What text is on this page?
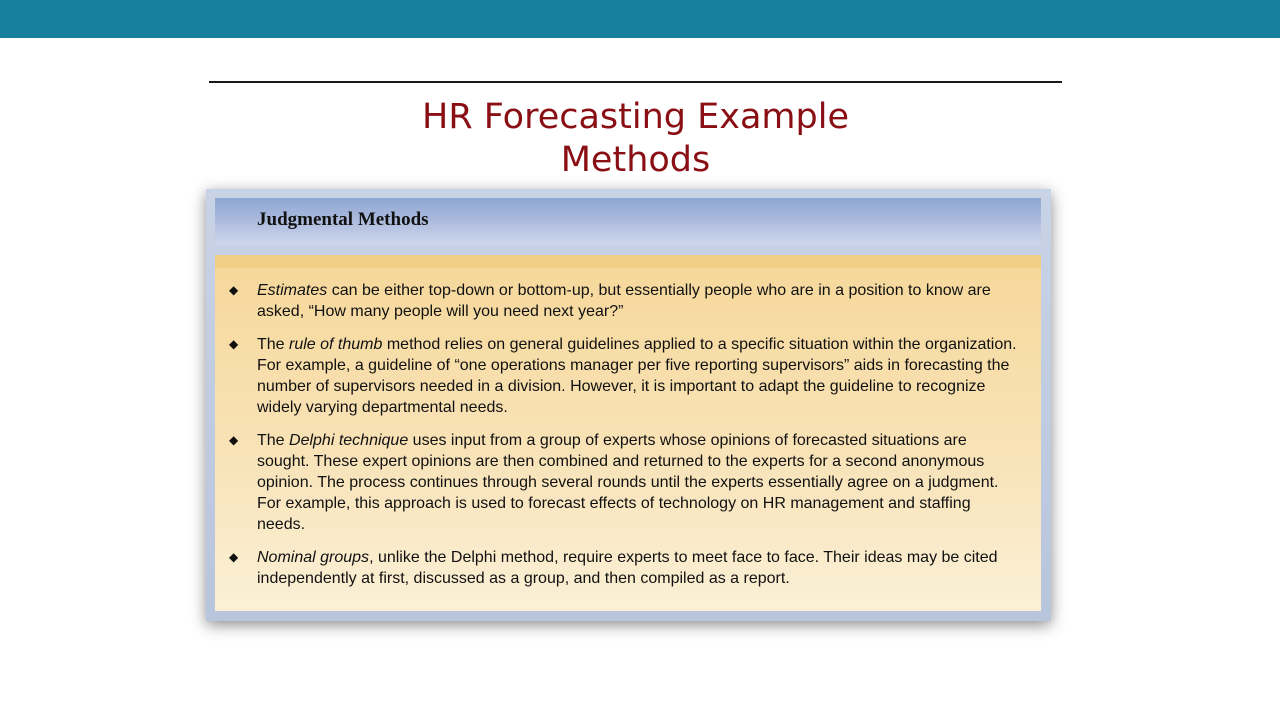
HR Forecasting Example
Methods
Judgmental Methods
◆ Estimates can be either top-down or bottom-up, but essentially people who are in a position to know are asked, “How many people will you need next year?”
◆ The rule of thumb method relies on general guidelines applied to a specific situation within the organization. For example, a guideline of “one operations manager per five reporting supervisors” aids in forecasting the number of supervisors needed in a division. However, it is important to adapt the guideline to recognize widely varying departmental needs.
◆ The Delphi technique uses input from a group of experts whose opinions of forecasted situations are sought. These expert opinions are then combined and returned to the experts for a second anonymous opinion. The process continues through several rounds until the experts essentially agree on a judgment. For example, this approach is used to forecast effects of technology on HR management and staffing needs.
◆ Nominal groups, unlike the Delphi method, require experts to meet face to face. Their ideas may be cited independently at first, discussed as a group, and then compiled as a report.
